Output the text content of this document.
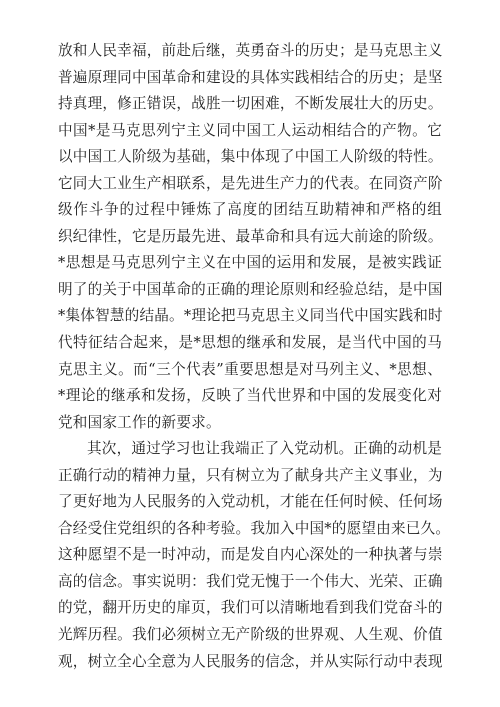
放和人民幸福，前赴后继，英勇奋斗的历史；是马克思主义
普遍原理同中国革命和建设的具体实践相结合的历史；是坚
持真理，修正错误，战胜一切困难，不断发展壮大的历史。
中国*是马克思列宁主义同中国工人运动相结合的产物。它
以中国工人阶级为基础，集中体现了中国工人阶级的特性。
它同大工业生产相联系，是先进生产力的代表。在同资产阶
级作斗争的过程中锤炼了高度的团结互助精神和严格的组
织纪律性，它是历最先进、最革命和具有远大前途的阶级。
*思想是马克思列宁主义在中国的运用和发展，是被实践证
明了的关于中国革命的正确的理论原则和经验总结，是中国
*集体智慧的结晶。*理论把马克思主义同当代中国实践和时
代特征结合起来，是*思想的继承和发展，是当代中国的马
克思主义。而“三个代表”重要思想是对马列主义、*思想、
*理论的继承和发扬，反映了当代世界和中国的发展变化对
党和国家工作的新要求。
其次，通过学习也让我端正了入党动机。正确的动机是
正确行动的精神力量，只有树立为了献身共产主义事业，为
了更好地为人民服务的入党动机，才能在任何时候、任何场
合经受住党组织的各种考验。我加入中国*的愿望由来已久。
这种愿望不是一时冲动，而是发自内心深处的一种执著与崇
高的信念。事实说明：我们党无愧于一个伟大、光荣、正确
的党，翻开历史的扉页，我们可以清晰地看到我们党奋斗的
光辉历程。我们必须树立无产阶级的世界观、人生观、价值
观，树立全心全意为人民服务的信念，并从实际行动中表现
